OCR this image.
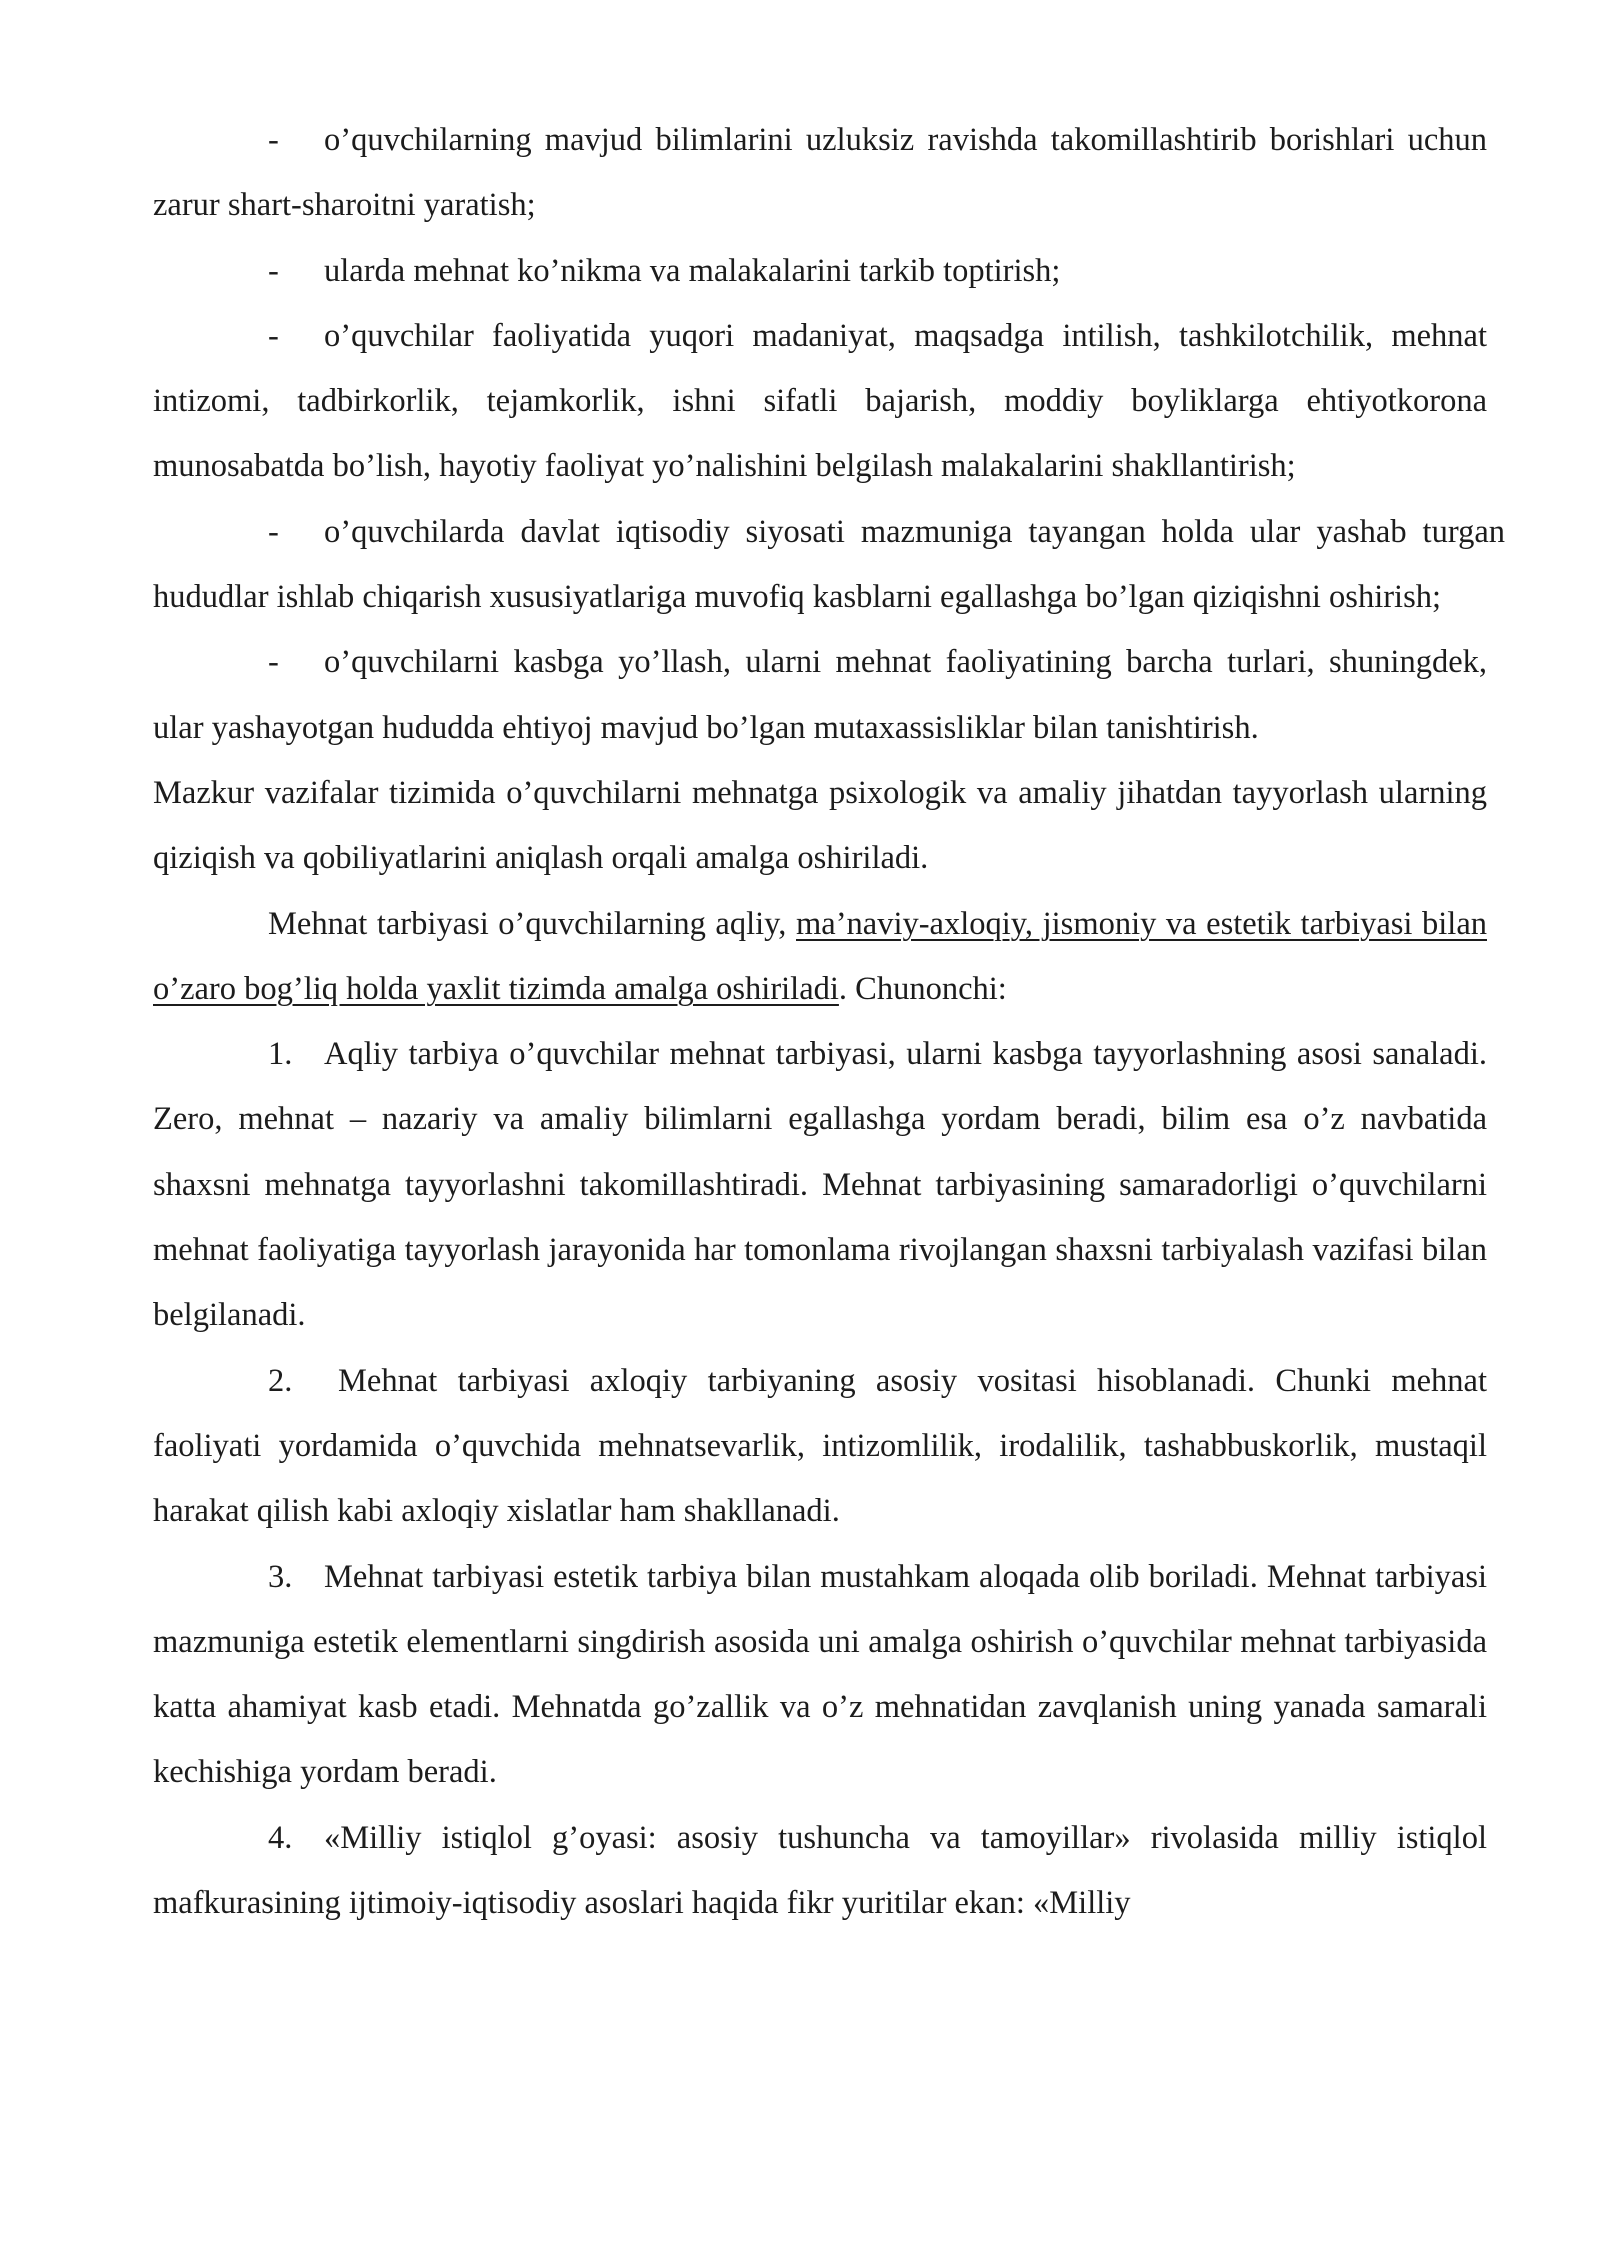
- o’quvchilarning mavjud bilimlarini uzluksiz ravishda takomillashtirib borishlari uchun zarur shart-sharoitni yaratish;

- ularda mehnat ko’nikma va malakalarini tarkib toptirish;

- o’quvchilar faoliyatida yuqori madaniyat, maqsadga intilish, tashkilotchilik, mehnat intizomi, tadbirkorlik, tejamkorlik, ishni sifatli bajarish, moddiy boyliklarga ehtiyotkorona munosabatda bo’lish, hayotiy faoliyat yo’nalishini belgilash malakalarini shakllantirish;

- o’quvchilarda davlat iqtisodiy siyosati mazmuniga tayangan holda ular yashab turgan hududlar ishlab chiqarish xususiyatlariga muvofiq kasblarni egallashga bo’lgan qiziqishni oshirish;

- o’quvchilarni kasbga yo’llash, ularni mehnat faoliyatining barcha turlari, shuningdek, ular yashayotgan hududda ehtiyoj mavjud bo’lgan mutaxassisliklar bilan tanishtirish.

Mazkur vazifalar tizimida o’quvchilarni mehnatga psixologik va amaliy jihatdan tayyorlash ularning qiziqish va qobiliyatlarini aniqlash orqali amalga oshiriladi.

Mehnat tarbiyasi o’quvchilarning aqliy, ma’naviy-axloqiy, jismoniy va estetik tarbiyasi bilan o’zaro bog’liq holda yaxlit tizimda amalga oshiriladi. Chunonchi:

1. Aqliy tarbiya o’quvchilar mehnat tarbiyasi, ularni kasbga tayyorlashning asosi sanaladi. Zero, mehnat – nazariy va amaliy bilimlarni egallashga yordam beradi, bilim esa o’z navbatida shaxsni mehnatga tayyorlashni takomillashtiradi. Mehnat tarbiyasining samaradorligi o’quvchilarni mehnat faoliyatiga tayyorlash jarayonida har tomonlama rivojlangan shaxsni tarbiyalash vazifasi bilan belgilanadi.

2. Mehnat tarbiyasi axloqiy tarbiyaning asosiy vositasi hisoblanadi. Chunki mehnat faoliyati yordamida o’quvchida mehnatsevarlik, intizomlilik, irodalilik, tashabbuskorlik, mustaqil harakat qilish kabi axloqiy xislatlar ham shakllanadi.

3. Mehnat tarbiyasi estetik tarbiya bilan mustahkam aloqada olib boriladi. Mehnat tarbiyasi mazmuniga estetik elementlarni singdirish asosida uni amalga oshirish o’quvchilar mehnat tarbiyasida katta ahamiyat kasb etadi. Mehnatda go’zallik va o’z mehnatidan zavqlanish uning yanada samarali kechishiga yordam beradi.

4. «Milliy istiqlol g’oyasi: asosiy tushuncha va tamoyillar» rivolasida milliy istiqlol mafkurasining ijtimoiy-iqtisodiy asoslari haqida fikr yuritilar ekan: «Milliy
